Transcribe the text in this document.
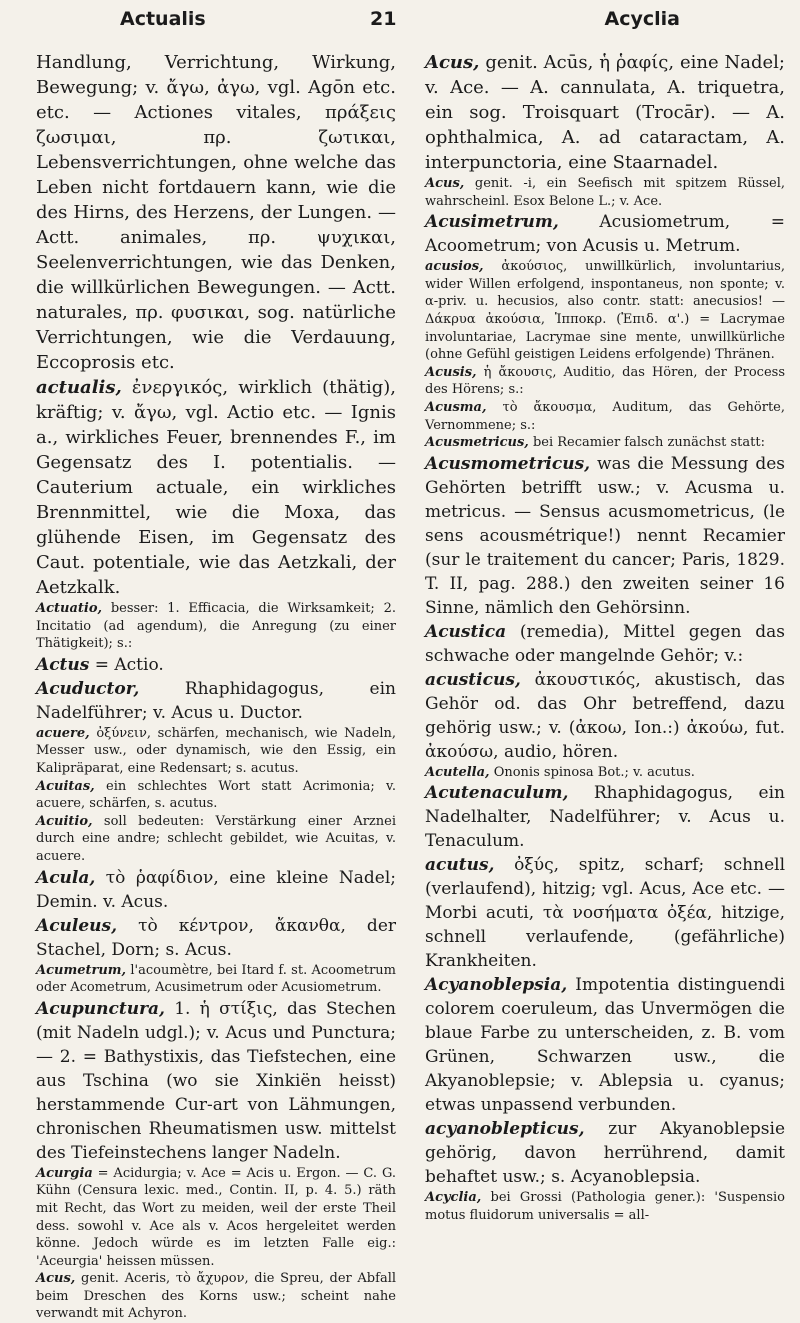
Actualis	21	Acyclia

Handlung, Verrichtung, Wirkung, Bewegung; v. ἄγω, ἀγω, vgl. Agōn etc. etc. — Actiones vitales, πράξεις ζωσιμαι, πρ. ζωτικαι, Lebensverrichtungen, ohne welche das Leben nicht fortdauern kann, wie die des Hirns, des Herzens, der Lungen. — Actt. animales, πρ. ψυχικαι, Seelenverrichtungen, wie das Denken, die willkürlichen Bewegungen. — Actt. naturales, πρ. φυσικαι, sog. natürliche Verrichtungen, wie die Verdauung, Eccoprosis etc.

actualis, ἐνεργικός, wirklich (thätig), kräftig; v. ἄγω, vgl. Actio etc. — Ignis a., wirkliches Feuer, brennendes F., im Gegensatz des I. potentialis. — Cauterium actuale, ein wirkliches Brennmittel, wie die Moxa, das glühende Eisen, im Gegensatz des Caut. potentiale, wie das Aetzkali, der Aetzkalk.

Actuatio, besser: 1. Efficacia, die Wirksamkeit; 2. Incitatio (ad agendum), die Anregung (zu einer Thätigkeit); s.:

Actus = Actio.

Acuductor,	Rhaphidagogus, ein Nadelführer; v. Acus u. Ductor.

acuere, ὀξύνειν, schärfen, mechanisch, wie Nadeln, Messer usw., oder dynamisch, wie den Essig, ein Kalipräparat, eine Redensart; s. acutus.

Acuitas, ein schlechtes Wort statt Acrimonia; v. acuere, schärfen, s. acutus.

Acuitio, soll bedeuten: Verstärkung einer Arznei durch eine andre; schlecht gebildet, wie Acuitas, v. acuere.

Acula, τὸ ῥαφίδιον, eine kleine Nadel; Demin. v. Acus.

Aculeus, τὸ κέντρον, ἄκανθα, der Stachel, Dorn; s. Acus.

Acumetrum, l'acoumètre, bei Itard f. st. Acoometrum oder Acometrum, Acusimetrum oder Acusiometrum.

Acupunctura, 1. ἡ στίξις, das Stechen (mit Nadeln udgl.); v. Acus und Punctura; — 2. = Bathystixis, das Tiefstechen, eine aus Tschina (wo sie Xinkiën heisst) herstammende Cur-art von Lähmungen, chronischen Rheumatismen usw. mittelst des Tiefeinstechens langer Nadeln.

Acurgia = Acidurgia; v. Ace = Acis u. Ergon. — C. G. Kühn (Censura lexic. med., Contin. II, p. 4. 5.) räth mit Recht, das Wort zu meiden, weil der erste Theil dess. sowohl v. Ace als v. Acos hergeleitet werden könne. Jedoch würde es im letzten Falle eig.: 'Aceurgia' heissen müssen.

Acus, genit. Aceris, τὸ ἄχυρον, die Spreu, der Abfall beim Dreschen des Korns usw.; scheint nahe verwandt mit Achyron.

Acus, genit. Acūs, ἡ ῥαφίς, eine Nadel; v. Ace. — A. cannulata, A. triquetra, ein sog. Troisquart (Trocār). — A. ophthalmica, A. ad cataractam, A. interpunctoria, eine Staarnadel.

Acus, genit. -i, ein Seefisch mit spitzem Rüssel, wahrscheinl. Esox Belone L.; v. Ace.

Acusimetrum, Acusiometrum, = Acoometrum; von Acusis u. Metrum.

acusios, ἀκούσιος, unwillkürlich, involuntarius, wider Willen erfolgend, inspontaneus, non sponte; v. α-priv. u. hecusios, also contr. statt: anecusios! — Δάκρυα ἀκούσια, Ἱπποκρ. (Ἐπιδ. α'.) = Lacrymae involuntariae, Lacrymae sine mente, unwillkürliche (ohne Gefühl geistigen Leidens erfolgende) Thränen.

Acusis, ἡ ἄκουσις, Auditio, das Hören, der Process des Hörens; s.:

Acusma, τὸ ἄκουσμα, Auditum, das Gehörte, Vernommene; s.:

Acusmetricus, bei Recamier falsch zunächst statt:

Acusmometricus, was die Messung des Gehörten betrifft usw.; v. Acusma u. metricus. — Sensus acusmometricus, (le sens acousmétrique!) nennt Recamier (sur le traitement du cancer; Paris, 1829. T. II, pag. 288.) den zweiten seiner 16 Sinne, nämlich den Gehörsinn.

Acustica (remedia), Mittel gegen das schwache oder mangelnde Gehör; v.:

acusticus, ἀκουστικός, akustisch, das Gehör od. das Ohr betreffend, dazu gehörig usw.; v. (ἀκοω, Ion.:) ἀκούω, fut. ἀκούσω, audio, hören.

Acutella, Ononis spinosa Bot.; v. acutus.

Acutenaculum, Rhaphidagogus, ein Nadelhalter, Nadelführer; v. Acus u. Tenaculum.

acutus, ὀξύς, spitz, scharf; schnell (verlaufend), hitzig; vgl. Acus, Ace etc. — Morbi acuti, τὰ νοσήματα ὀξέα, hitzige, schnell verlaufende, (gefährliche) Krankheiten.

Acyanoblepsia, Impotentia distinguendi colorem coeruleum, das Unvermögen die blaue Farbe zu unterscheiden, z. B. vom Grünen, Schwarzen usw., die Akyanoblepsie; v. Ablepsia u. cyanus; etwas unpassend verbunden.

acyanoblepticus, zur Akyanoblepsie gehörig, davon herrührend, damit behaftet usw.; s. Acyanoblepsia.

Acyclia, bei Grossi (Pathologia gener.): 'Suspensio motus fluidorum universalis = all-
